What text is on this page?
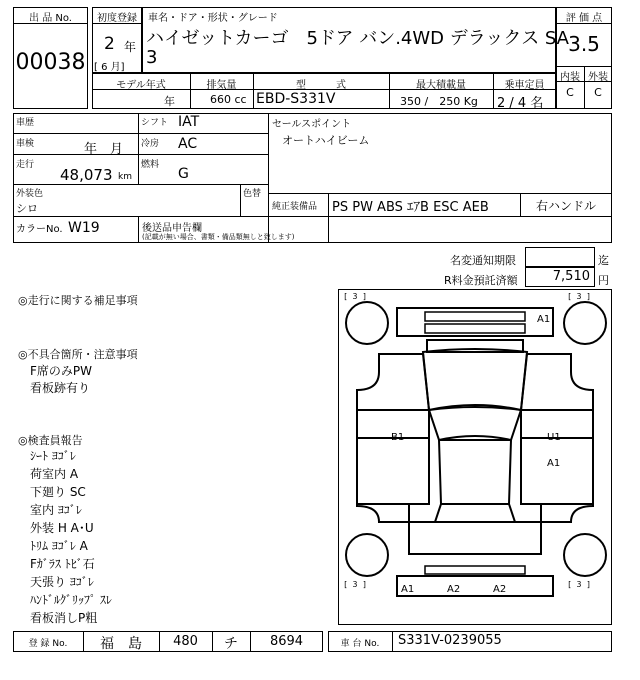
出 品 No.
00038
初度登録
2 年
[ 6 月]
車名・ドア・形状・グレード
ハイゼットカーゴ　5ドア バン.4WD デラックス SA
3
評 価 点
3.5
内装 外装
C	C
モデル年式	排気量	型　　　式	最大積載量	乗車定員
年	660 cc EBD-S331V	350 /　250 Kg 2 / 4 名
車歴	シフト IAT
車検	年　月 冷房 AC
走行
48,073 km
燃料
G
外装色
シロ
色替
セールスポイント
オートハイビーム
純正装備品 PS PW ABS ｴｱB ESC AEB	右ハンドル
カラーNo. W19	後送品申告欄
(記載が無い場合、書類・備品類無しと致します)
名変通知期限	迄
R料金預託済額	7,510 円
◎走行に関する補足事項
◎不具合箇所・注意事項
F席のみPW
看板跡有り
◎検査員報告
ｼｰﾄ ﾖｺﾞﾚ
荷室内 A
下廻り SC
室内 ﾖｺﾞﾚ
外装 H A･U
ﾄﾘﾑ ﾖｺﾞﾚ A
Fｶﾞﾗｽ ﾄﾋﾞ石
天張り ﾖｺﾞﾚ
ﾊﾝﾄﾞﾙｸﾞﾘｯﾌﾟ ｽﾚ
看板消しP粗
[ 3 ]	[ 3 ]
[ 3 ]	[ 3 ]
A1
B1	U1
A1
A1	A2	A2
登 録 No.	福　島	480	チ	8694	車 台 No.	S331V-0239055
